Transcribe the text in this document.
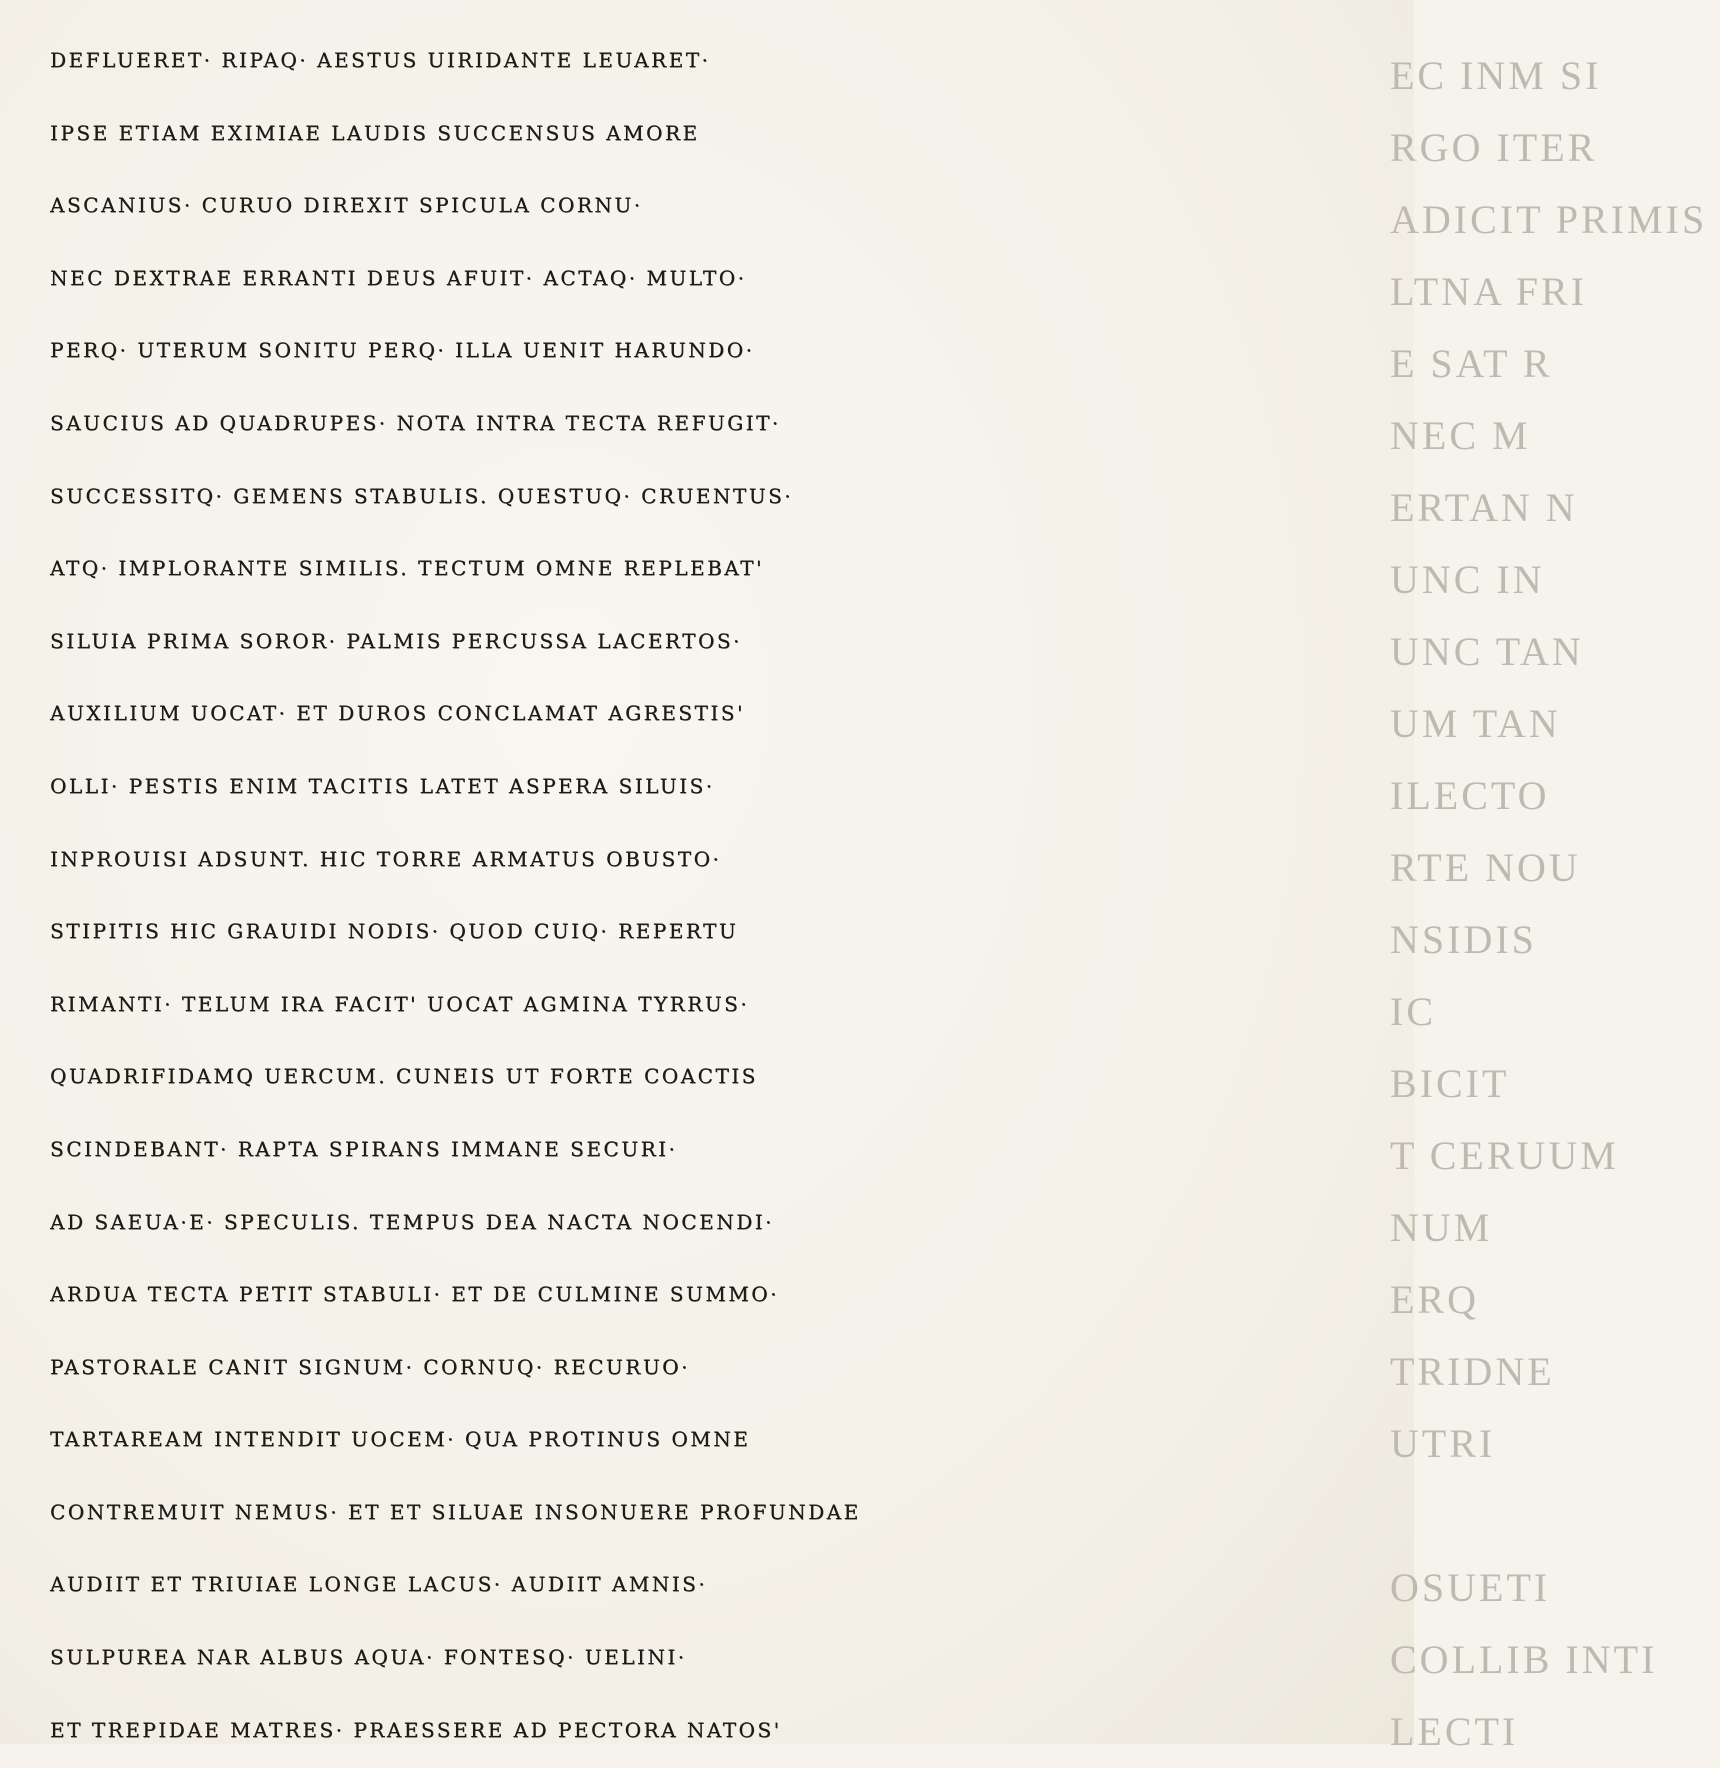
EC INM SI
RGO ITER
ADICIT PRIMIS
LTNA FRI
E SAT R
NEC M
ERTAN N
UNC IN
UNC TAN
UM TAN
ILECTO
RTE NOU
NSIDIS
IC
BICIT
T CERUUM
NUM
ERQ
TRIDNE
UTRI
OSUETI
COLLIB INTI
LECTI
DEFLUERET· RIPAQ· AESTUS UIRIDANTE LEUARET·
IPSE ETIAM EXIMIAE LAUDIS SUCCENSUS AMORE
ASCANIUS· CURUO DIREXIT SPICULA CORNU·
NEC DEXTRAE ERRANTI DEUS AFUIT· ACTAQ· MULTO·
PERQ· UTERUM SONITU PERQ· ILLA UENIT HARUNDO·
SAUCIUS AD QUADRUPES· NOTA INTRA TECTA REFUGIT·
SUCCESSITQ· GEMENS STABULIS. QUESTUQ· CRUENTUS·
ATQ· IMPLORANTE SIMILIS. TECTUM OMNE REPLEBAT'
SILUIA PRIMA SOROR· PALMIS PERCUSSA LACERTOS·
AUXILIUM UOCAT· ET DUROS CONCLAMAT AGRESTIS'
OLLI· PESTIS ENIM TACITIS LATET ASPERA SILUIS·
INPROUISI ADSUNT. HIC TORRE ARMATUS OBUSTO·
STIPITIS HIC GRAUIDI NODIS· QUOD CUIQ· REPERTU
RIMANTI· TELUM IRA FACIT' UOCAT AGMINA TYRRUS·
QUADRIFIDAMQ UERCUM. CUNEIS UT FORTE COACTIS
SCINDEBANT· RAPTA SPIRANS IMMANE SECURI·
AD SAEUA·E· SPECULIS. TEMPUS DEA NACTA NOCENDI·
ARDUA TECTA PETIT STABULI· ET DE CULMINE SUMMO·
PASTORALE CANIT SIGNUM· CORNUQ· RECURUO·
TARTAREAM INTENDIT UOCEM· QUA PROTINUS OMNE
CONTREMUIT NEMUS· ET ET SILUAE INSONUERE PROFUNDAE
AUDIIT ET TRIUIAE LONGE LACUS· AUDIIT AMNIS·
SULPUREA NAR ALBUS AQUA· FONTESQ· UELINI·
ET TREPIDAE MATRES· PRAESSERE AD PECTORA NATOS'
